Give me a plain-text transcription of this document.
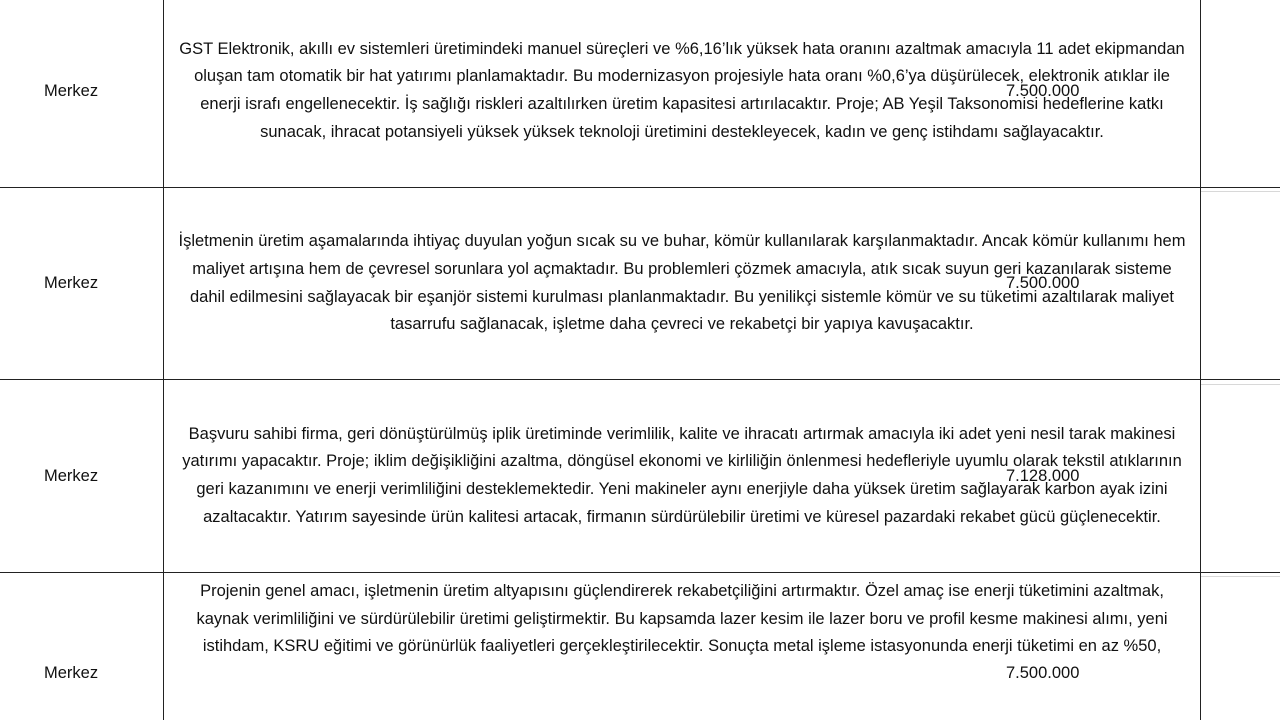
Merkez
GST Elektronik, akıllı ev sistemleri üretimindeki manuel süreçleri ve %6,16’lık yüksek hata oranını azaltmak amacıyla 11 adet ekipmandan oluşan tam otomatik bir hat yatırımı planlamaktadır. Bu modernizasyon projesiyle hata oranı %0,6’ya düşürülecek, elektronik atıklar ile enerji israfı engellenecektir. İş sağlığı riskleri azaltılırken üretim kapasitesi artırılacaktır. Proje; AB Yeşil Taksonomisi hedeflerine katkı sunacak, ihracat potansiyeli yüksek yüksek teknoloji üretimini destekleyecek, kadın ve genç istihdamı sağlayacaktır.
7.500.000
Merkez
İşletmenin üretim aşamalarında ihtiyaç duyulan yoğun sıcak su ve buhar, kömür kullanılarak karşılanmaktadır. Ancak kömür kullanımı hem maliyet artışına hem de çevresel sorunlara yol açmaktadır. Bu problemleri çözmek amacıyla, atık sıcak suyun geri kazanılarak sisteme dahil edilmesini sağlayacak bir eşanjör sistemi kurulması planlanmaktadır. Bu yenilikçi sistemle kömür ve su tüketimi azaltılarak maliyet tasarrufu sağlanacak, işletme daha çevreci ve rekabetçi bir yapıya kavuşacaktır.
7.500.000
Merkez
Başvuru sahibi firma, geri dönüştürülmüş iplik üretiminde verimlilik, kalite ve ihracatı artırmak amacıyla iki adet yeni nesil tarak makinesi yatırımı yapacaktır. Proje; iklim değişikliğini azaltma, döngüsel ekonomi ve kirliliğin önlenmesi hedefleriyle uyumlu olarak tekstil atıklarının geri kazanımını ve enerji verimliliğini desteklemektedir. Yeni makineler aynı enerjiyle daha yüksek üretim sağlayarak karbon ayak izini azaltacaktır. Yatırım sayesinde ürün kalitesi artacak, firmanın sürdürülebilir üretimi ve küresel pazardaki rekabet gücü güçlenecektir.
7.128.000
Merkez
Projenin genel amacı, işletmenin üretim altyapısını güçlendirerek rekabetçiliğini artırmaktır. Özel amaç ise enerji tüketimini azaltmak, kaynak verimliliğini ve sürdürülebilir üretimi geliştirmektir. Bu kapsamda lazer kesim ile lazer boru ve profil kesme makinesi alımı, yeni istihdam, KSRU eğitimi ve görünürlük faaliyetleri gerçekleştirilecektir. Sonuçta metal işleme istasyonunda enerji tüketimi en az %50,
7.500.000
